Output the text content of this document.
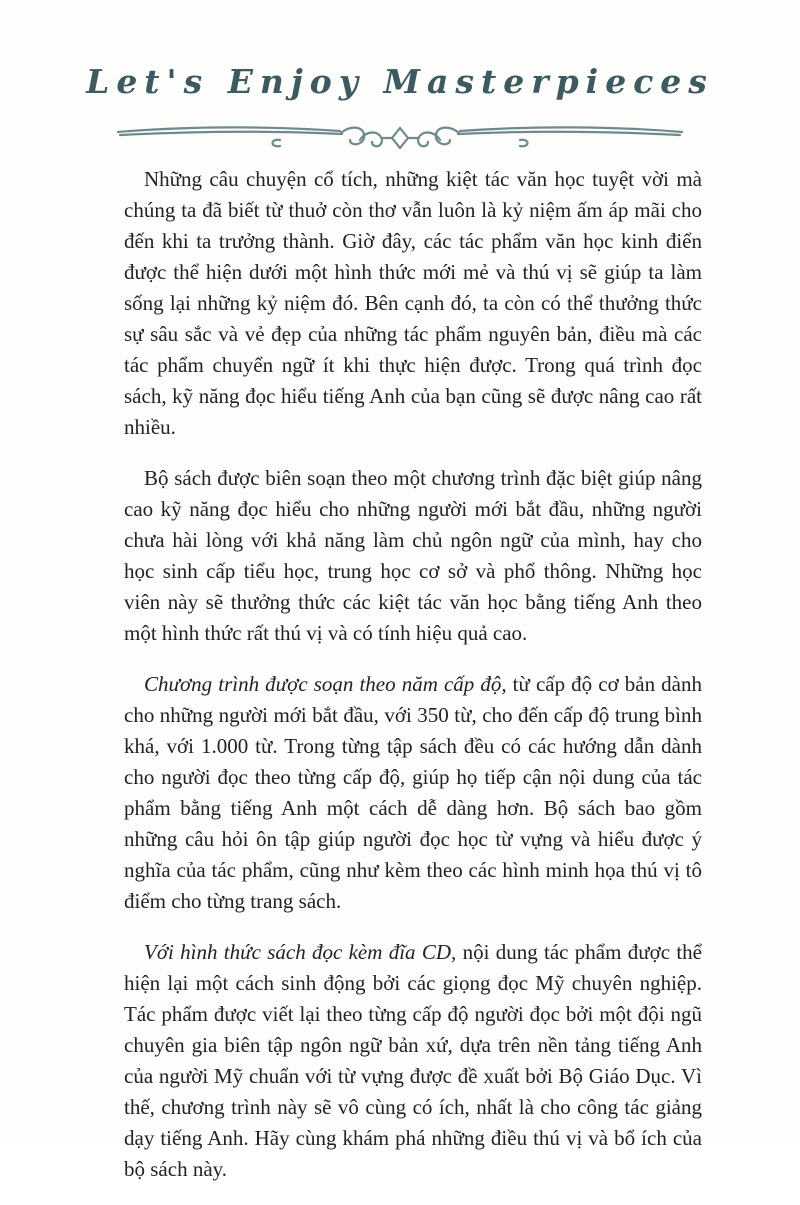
Let's Enjoy Masterpieces

Những câu chuyện cổ tích, những kiệt tác văn học tuyệt vời mà chúng ta đã biết từ thuở còn thơ vẫn luôn là kỷ niệm ấm áp mãi cho đến khi ta trưởng thành. Giờ đây, các tác phẩm văn học kinh điển được thể hiện dưới một hình thức mới mẻ và thú vị sẽ giúp ta làm sống lại những kỷ niệm đó. Bên cạnh đó, ta còn có thể thưởng thức sự sâu sắc và vẻ đẹp của những tác phẩm nguyên bản, điều mà các tác phẩm chuyển ngữ ít khi thực hiện được. Trong quá trình đọc sách, kỹ năng đọc hiểu tiếng Anh của bạn cũng sẽ được nâng cao rất nhiều.

Bộ sách được biên soạn theo một chương trình đặc biệt giúp nâng cao kỹ năng đọc hiểu cho những người mới bắt đầu, những người chưa hài lòng với khả năng làm chủ ngôn ngữ của mình, hay cho học sinh cấp tiểu học, trung học cơ sở và phổ thông. Những học viên này sẽ thưởng thức các kiệt tác văn học bằng tiếng Anh theo một hình thức rất thú vị và có tính hiệu quả cao.

Chương trình được soạn theo năm cấp độ, từ cấp độ cơ bản dành cho những người mới bắt đầu, với 350 từ, cho đến cấp độ trung bình khá, với 1.000 từ. Trong từng tập sách đều có các hướng dẫn dành cho người đọc theo từng cấp độ, giúp họ tiếp cận nội dung của tác phẩm bằng tiếng Anh một cách dễ dàng hơn. Bộ sách bao gồm những câu hỏi ôn tập giúp người đọc học từ vựng và hiểu được ý nghĩa của tác phẩm, cũng như kèm theo các hình minh họa thú vị tô điểm cho từng trang sách.

Với hình thức sách đọc kèm đĩa CD, nội dung tác phẩm được thể hiện lại một cách sinh động bởi các giọng đọc Mỹ chuyên nghiệp. Tác phẩm được viết lại theo từng cấp độ người đọc bởi một đội ngũ chuyên gia biên tập ngôn ngữ bản xứ, dựa trên nền tảng tiếng Anh của người Mỹ chuẩn với từ vựng được đề xuất bởi Bộ Giáo Dục. Vì thế, chương trình này sẽ vô cùng có ích, nhất là cho công tác giảng dạy tiếng Anh. Hãy cùng khám phá những điều thú vị và bổ ích của bộ sách này.
